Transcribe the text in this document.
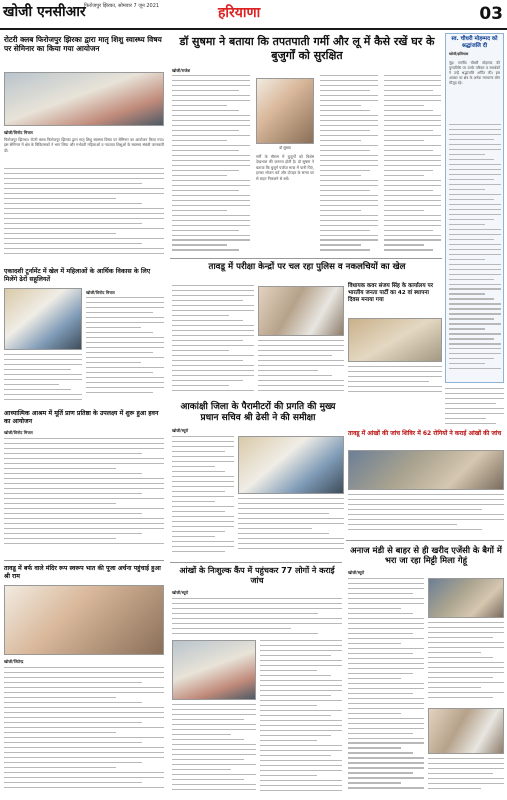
खोजी एनसीआर
फिरोजपुर झिरका, सोमवार 7 जून 2021	हरियाणा	03
रोटरी क्लब फिरोजपुर झिरका द्वारा मातृ शिशु स्वास्थ्य विषय पर सेमिनार का किया गया आयोजन
खोजी/विनोद मित्तल

फिरोजपुर झिरका। रोटरी क्लब फिरोजपुर झिरका द्वारा मातृ शिशु स्वास्थ्य विषय पर सेमिनार का आयोजन किया गया। इस सेमिनार में क्षेत्र के चिकित्सकों ने भाग लिया और गर्भवती महिलाओं व नवजात शिशुओं के स्वास्थ्य संबंधी जानकारी दी।

डॉ सुषमा ने बताया कि तपतपाती गर्मी और लू में कैसे रखें घर के बुजुर्गों को सुरक्षित
खोजी/राजेश
डॉ सुषमा

गर्मी के मौसम में बुजुर्गों को विशेष देखभाल की जरूरत होती है। डॉ सुषमा ने बताया कि बुजुर्ग पर्याप्त मात्रा में पानी पिएं, हल्का भोजन करें और दोपहर के समय घर से बाहर निकलने से बचें।

स्व. चौधरी मोहम्मद को श्रद्धांजलि दी
खोजी/इलियास

नूंह। स्वर्गीय चौधरी मोहम्मद की पुण्यतिथि पर उनके परिवार व समर्थकों ने उन्हें श्रद्धांजलि अर्पित की। इस अवसर पर क्षेत्र के अनेक गणमान्य लोग मौजूद रहे।

तावडू में परीक्षा केन्द्रों पर चल रहा पुलिस व नकलचियों का खेल
एकादशी टूर्नामेंट में खेल में महिलाओं के आर्थिक विकास के लिए मिलेंगे ढेरों सहूलियतें
खोजी/विनोद मित्तल
विधायक कवर संजय सिंह के कार्यालय पर भारतीय जनता पार्टी का 42 वां स्थापना दिवस मनाया गया
तावडू में आंखों की जांच शिविर में 62 रोगियों ने कराई आंखों की जांच
आकांक्षी जिला के पैरामीटरों की प्रगति की मुख्य प्रधान सचिव श्री ढेसी ने की समीक्षा
खोजी/ब्यूरो
आध्यात्मिक आश्रम में मूर्ति प्राण प्रतिष्ठा के उपलक्ष्य में शुरू हुआ हवन का आयोजन
खोजी/विनोद मित्तल
तावडू में बर्फ वाले मंदिर रूप स्वरूप भात की पूजा अर्चना पहुंचाई हुआ श्री राम
खोजी/जितेन्द्र
आंखों के निःशुल्क कैंप में पहुंचकर 77 लोगों ने कराई जांच
खोजी/ब्यूरो
अनाज मंडी से बाहर से ही खरीद एजेंसी के बैगों में भरा जा रहा मिट्टी मिला गेहूं
खोजी/ब्यूरो
